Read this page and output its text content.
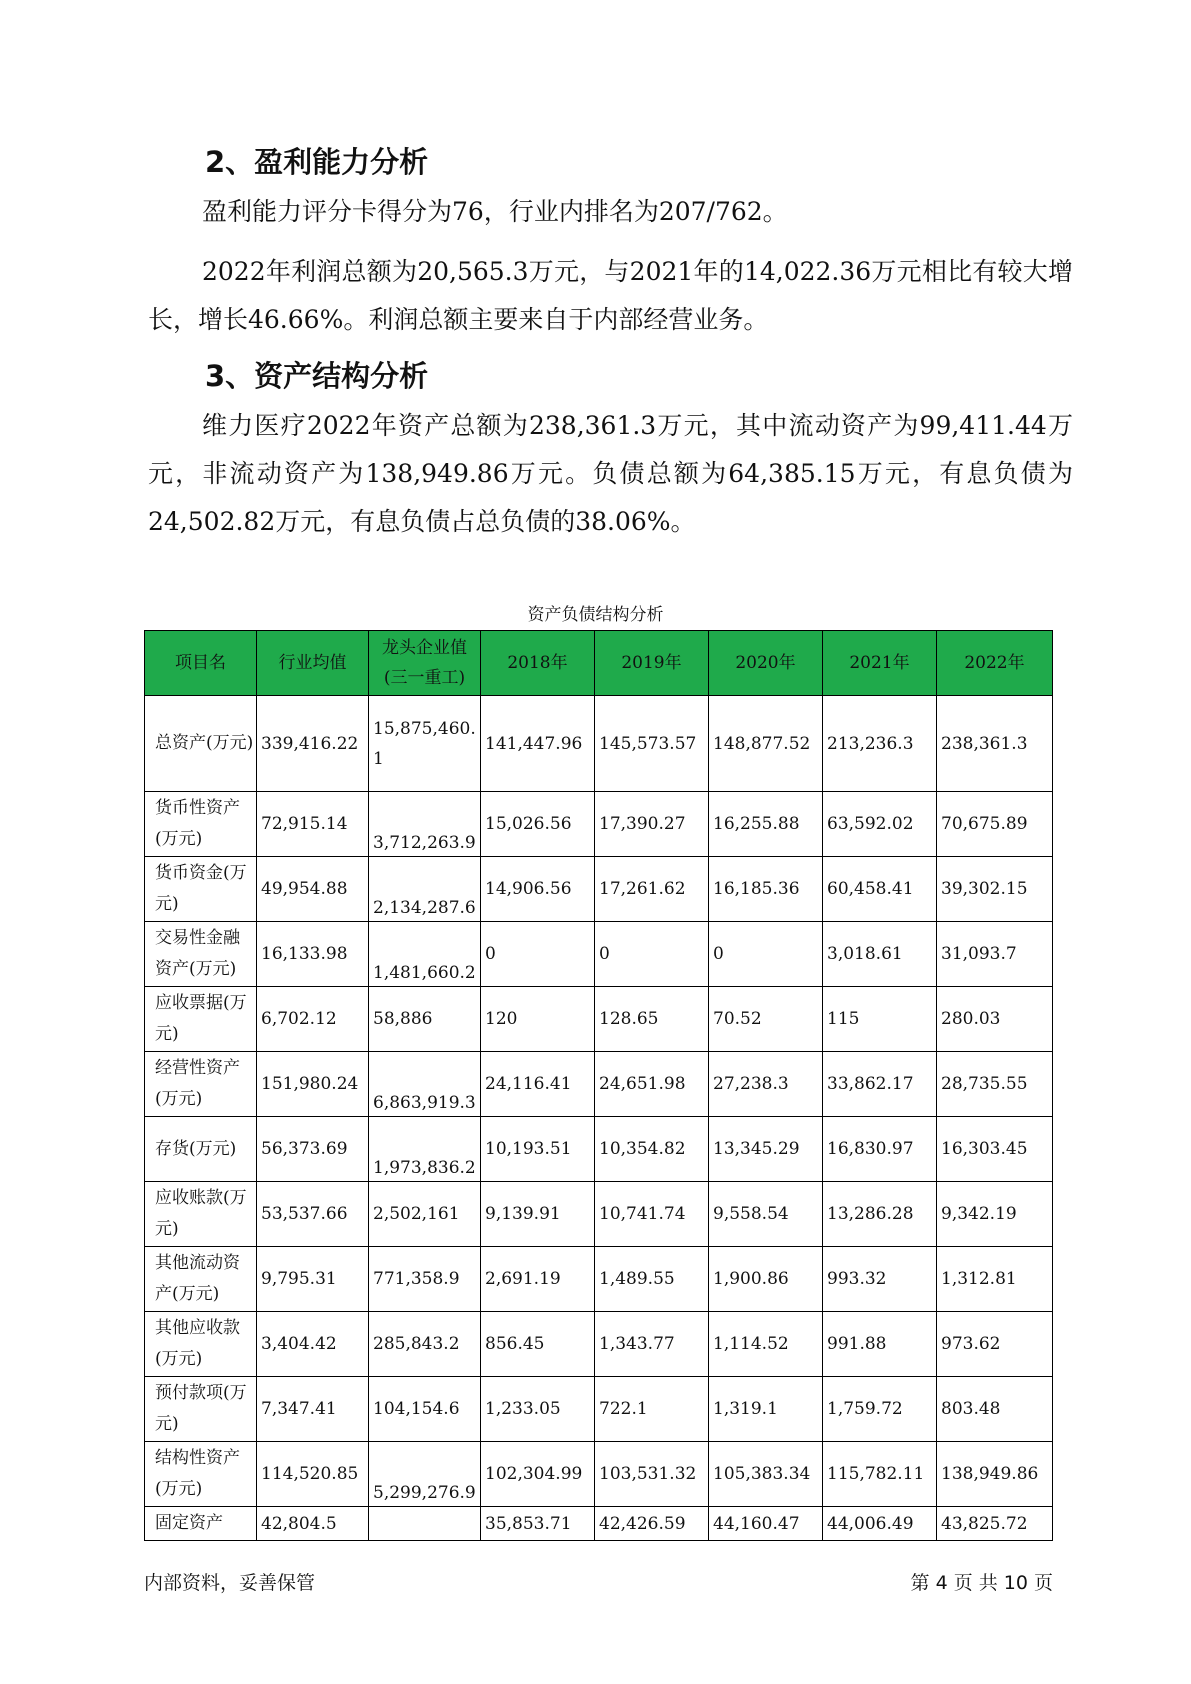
2、盈利能力分析

盈利能力评分卡得分为76，行业内排名为207/762。

2022年利润总额为20,565.3万元，与2021年的14,022.36万元相比有较大增长，增长46.66%。利润总额主要来自于内部经营业务。

3、资产结构分析

维力医疗2022年资产总额为238,361.3万元，其中流动资产为99,411.44万元，非流动资产为138,949.86万元。负债总额为64,385.15万元，有息负债为24,502.82万元，有息负债占总负债的38.06%。

资产负债结构分析
项目名	行业均值	龙头企业值(三一重工)	2018年	2019年	2020年	2021年	2022年
总资产(万元)	339,416.22	15,875,460.1	141,447.96	145,573.57	148,877.52	213,236.3	238,361.3
货币性资产(万元)	72,915.14	3,712,263.9	15,026.56	17,390.27	16,255.88	63,592.02	70,675.89
货币资金(万元)	49,954.88	2,134,287.6	14,906.56	17,261.62	16,185.36	60,458.41	39,302.15
交易性金融资产(万元)	16,133.98	1,481,660.2	0	0	0	3,018.61	31,093.7
应收票据(万元)	6,702.12	58,886	120	128.65	70.52	115	280.03
经营性资产(万元)	151,980.24	6,863,919.3	24,116.41	24,651.98	27,238.3	33,862.17	28,735.55
存货(万元)	56,373.69	1,973,836.2	10,193.51	10,354.82	13,345.29	16,830.97	16,303.45
应收账款(万元)	53,537.66	2,502,161	9,139.91	10,741.74	9,558.54	13,286.28	9,342.19
其他流动资产(万元)	9,795.31	771,358.9	2,691.19	1,489.55	1,900.86	993.32	1,312.81
其他应收款(万元)	3,404.42	285,843.2	856.45	1,343.77	1,114.52	991.88	973.62
预付款项(万元)	7,347.41	104,154.6	1,233.05	722.1	1,319.1	1,759.72	803.48
结构性资产(万元)	114,520.85	5,299,276.9	102,304.99	103,531.32	105,383.34	115,782.11	138,949.86
固定资产	42,804.5		35,853.71	42,426.59	44,160.47	44,006.49	43,825.72
内部资料，妥善保管	第 4 页 共 10 页
